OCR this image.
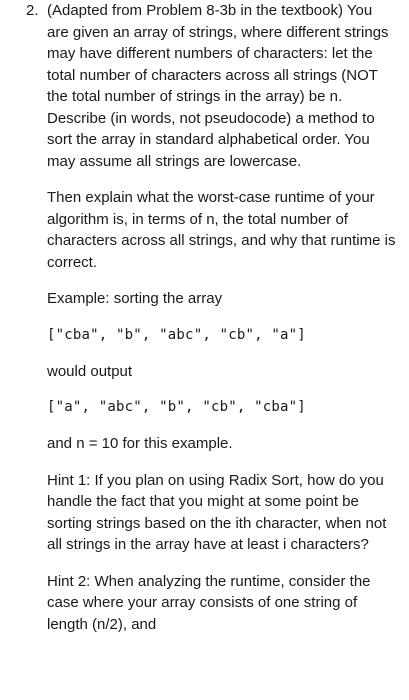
2. (Adapted from Problem 8-3b in the textbook) You are given an array of strings, where different strings may have different numbers of characters: let the total number of characters across all strings (NOT the total number of strings in the array) be n. Describe (in words, not pseudocode) a method to sort the array in standard alphabetical order. You may assume all strings are lowercase.

Then explain what the worst-case runtime of your algorithm is, in terms of n, the total number of characters across all strings, and why that runtime is correct.

Example: sorting the array

["cba", "b", "abc", "cb", "a"]

would output

["a", "abc", "b", "cb", "cba"]

and n = 10 for this example.

Hint 1: If you plan on using Radix Sort, how do you handle the fact that you might at some point be sorting strings based on the ith character, when not all strings in the array have at least i characters?

Hint 2: When analyzing the runtime, consider the case where your array consists of one string of length (n/2), and
